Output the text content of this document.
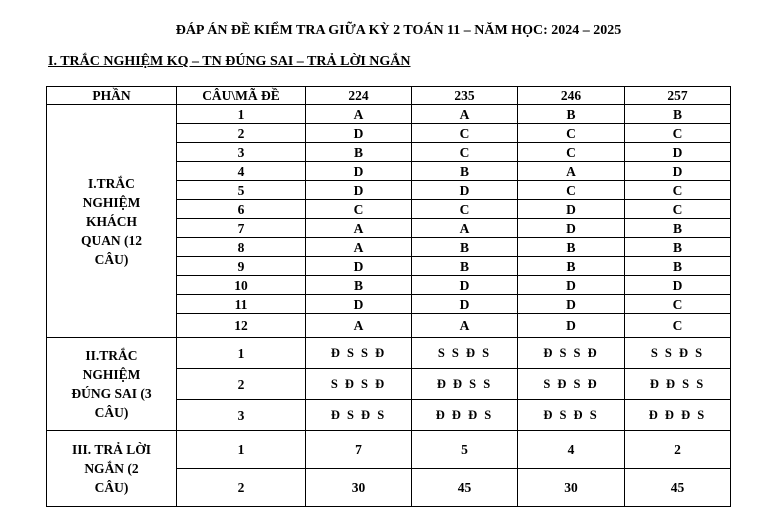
ĐÁP ÁN ĐỀ KIỂM TRA GIỮA KỲ 2 TOÁN 11 – NĂM HỌC: 2024 – 2025
I. TRẮC NGHIỆM KQ – TN ĐÚNG SAI – TRẢ LỜI NGẮN
PHẦN	CÂU\MÃ ĐỀ	224	235	246	257
I.TRẮC NGHIỆM KHÁCH QUAN (12 CÂU)	1	A	A	B	B
	2	D	C	C	C
	3	B	C	C	D
	4	D	B	A	D
	5	D	D	C	C
	6	C	C	D	C
	7	A	A	D	B
	8	A	B	B	B
	9	D	B	B	B
	10	B	D	D	D
	11	D	D	D	C
	12	A	A	D	C
II.TRẮC NGHIỆM ĐÚNG SAI (3 CÂU)	1	Đ S S Đ	S S Đ S	Đ S S Đ	S S Đ S
	2	S Đ S Đ	Đ Đ S S	S Đ S Đ	Đ Đ S S
	3	Đ S Đ S	Đ Đ Đ S	Đ S Đ S	Đ Đ Đ S
III. TRẢ LỜI NGẮN (2 CÂU)	1	7	5	4	2
	2	30	45	30	45
